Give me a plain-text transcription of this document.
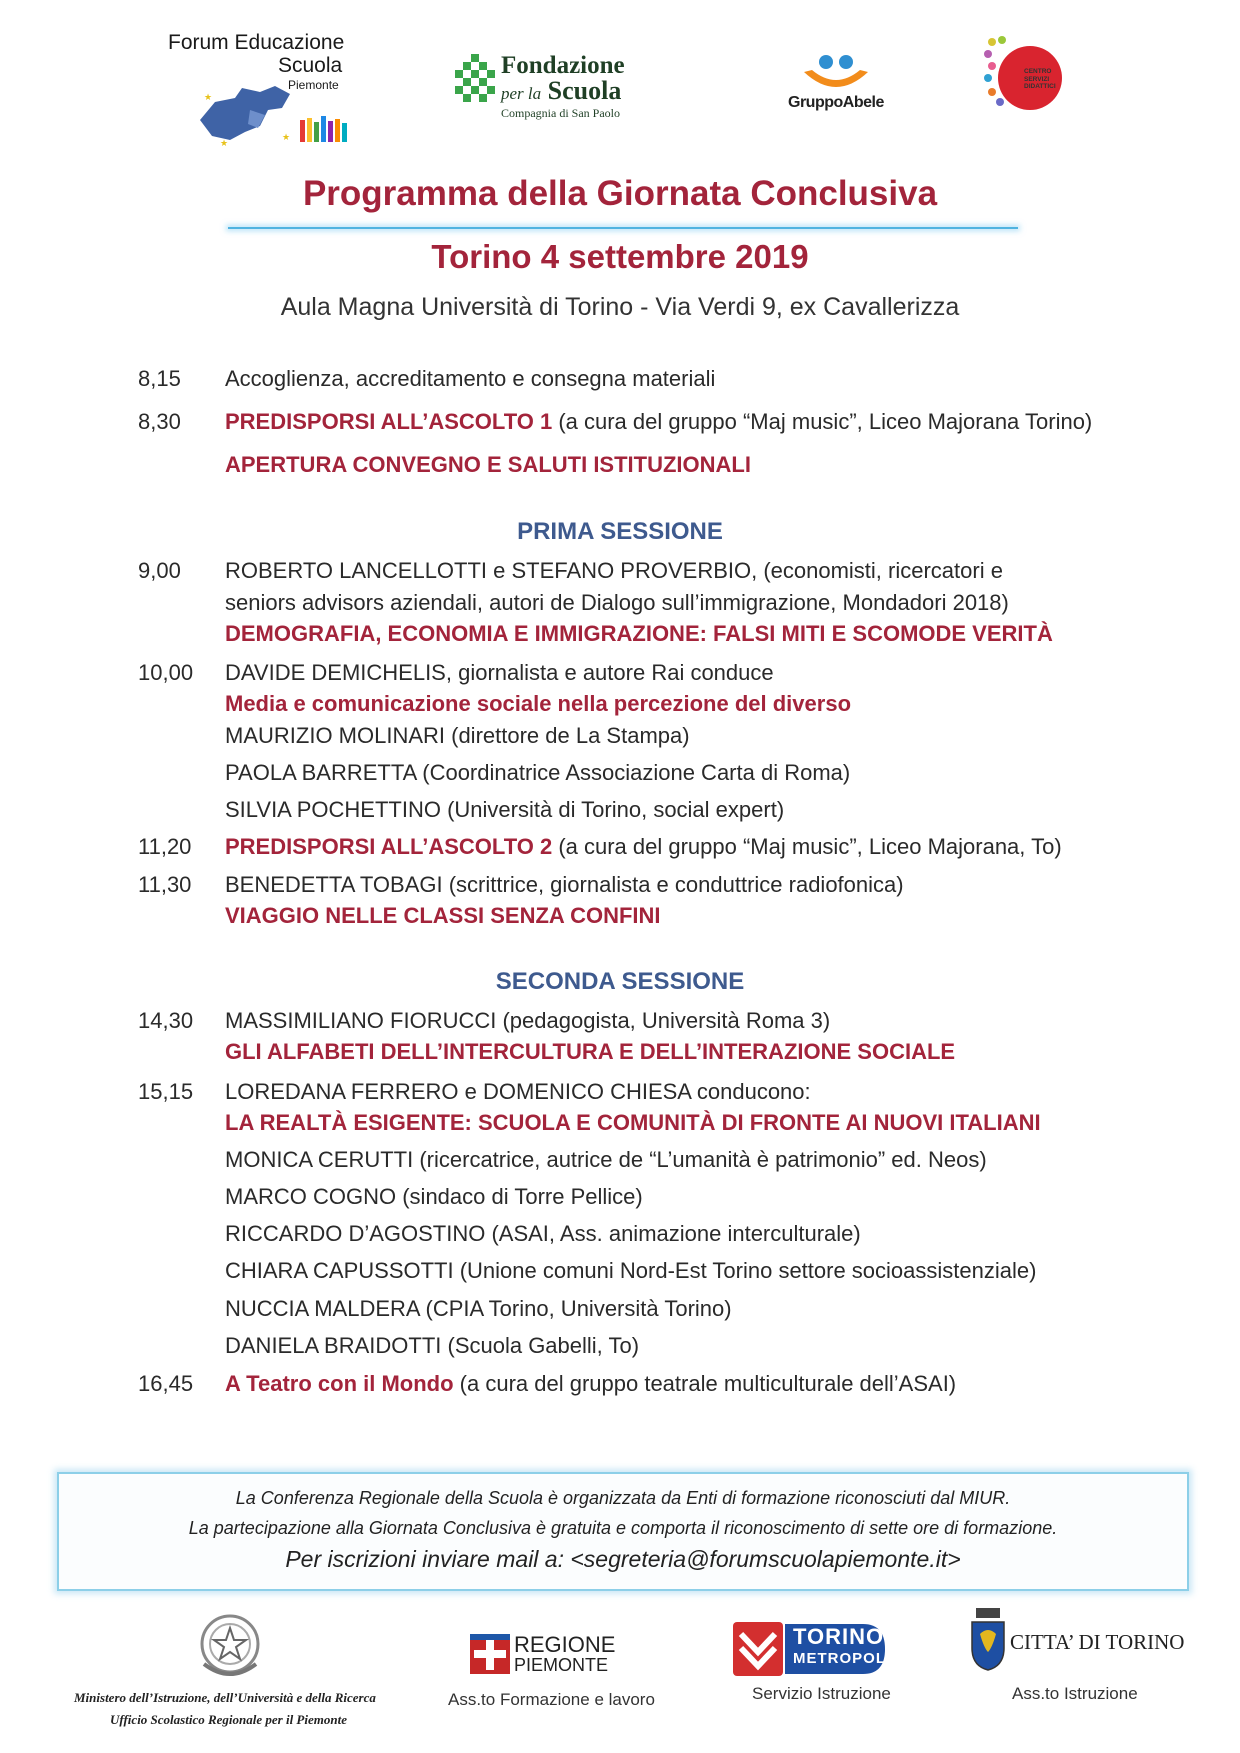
Forum Educazione
Scuola
Piemonte
★
★
★
Fondazione
per la Scuola
Compagnia di San Paolo
GruppoAbele
CENTRO
SERVIZI
DIDATTICI
Programma della Giornata Conclusiva
Torino 4 settembre 2019
Aula Magna Università di Torino - Via Verdi 9, ex Cavallerizza
8,15 Accoglienza, accreditamento e consegna materiali
8,30 PREDISPORSI ALL’ASCOLTO 1 (a cura del gruppo “Maj music”, Liceo Majorana Torino)
APERTURA CONVEGNO E SALUTI ISTITUZIONALI
PRIMA SESSIONE
9,00 ROBERTO LANCELLOTTI e STEFANO PROVERBIO, (economisti, ricercatori e
seniors advisors aziendali, autori de Dialogo sull’immigrazione, Mondadori 2018)
DEMOGRAFIA, ECONOMIA E IMMIGRAZIONE: FALSI MITI E SCOMODE VERITÀ
10,00 DAVIDE DEMICHELIS, giornalista e autore Rai conduce
Media e comunicazione sociale nella percezione del diverso
MAURIZIO MOLINARI (direttore de La Stampa)
PAOLA BARRETTA (Coordinatrice Associazione Carta di Roma)
SILVIA POCHETTINO (Università di Torino, social expert)
11,20 PREDISPORSI ALL’ASCOLTO 2 (a cura del gruppo “Maj music”, Liceo Majorana, To)
11,30 BENEDETTA TOBAGI (scrittrice, giornalista e conduttrice radiofonica)
VIAGGIO NELLE CLASSI SENZA CONFINI
SECONDA SESSIONE
14,30 MASSIMILIANO FIORUCCI (pedagogista, Università Roma 3)
GLI ALFABETI DELL’INTERCULTURA E DELL’INTERAZIONE SOCIALE
15,15 LOREDANA FERRERO e DOMENICO CHIESA conducono:
LA REALTÀ ESIGENTE: SCUOLA E COMUNITÀ DI FRONTE AI NUOVI ITALIANI
MONICA CERUTTI (ricercatrice, autrice de “L’umanità è patrimonio” ed. Neos)
MARCO COGNO (sindaco di Torre Pellice)
RICCARDO D’AGOSTINO (ASAI, Ass. animazione interculturale)
CHIARA CAPUSSOTTI (Unione comuni Nord-Est Torino settore socioassistenziale)
NUCCIA MALDERA (CPIA Torino, Università Torino)
DANIELA BRAIDOTTI (Scuola Gabelli, To)
16,45 A Teatro con il Mondo (a cura del gruppo teatrale multiculturale dell’ASAI)
La Conferenza Regionale della Scuola è organizzata da Enti di formazione riconosciuti dal MIUR.
La partecipazione alla Giornata Conclusiva è gratuita e comporta il riconoscimento di sette ore di formazione.
Per iscrizioni inviare mail a: <segreteria@forumscuolapiemonte.it>
Ministero dell’Istruzione, dell’Università e della Ricerca
Ufficio Scolastico Regionale per il Piemonte
REGIONE
PIEMONTE
Ass.to Formazione e lavoro
TORINO
METROPOLI
Servizio Istruzione
CITTA’ DI TORINO
Ass.to Istruzione
